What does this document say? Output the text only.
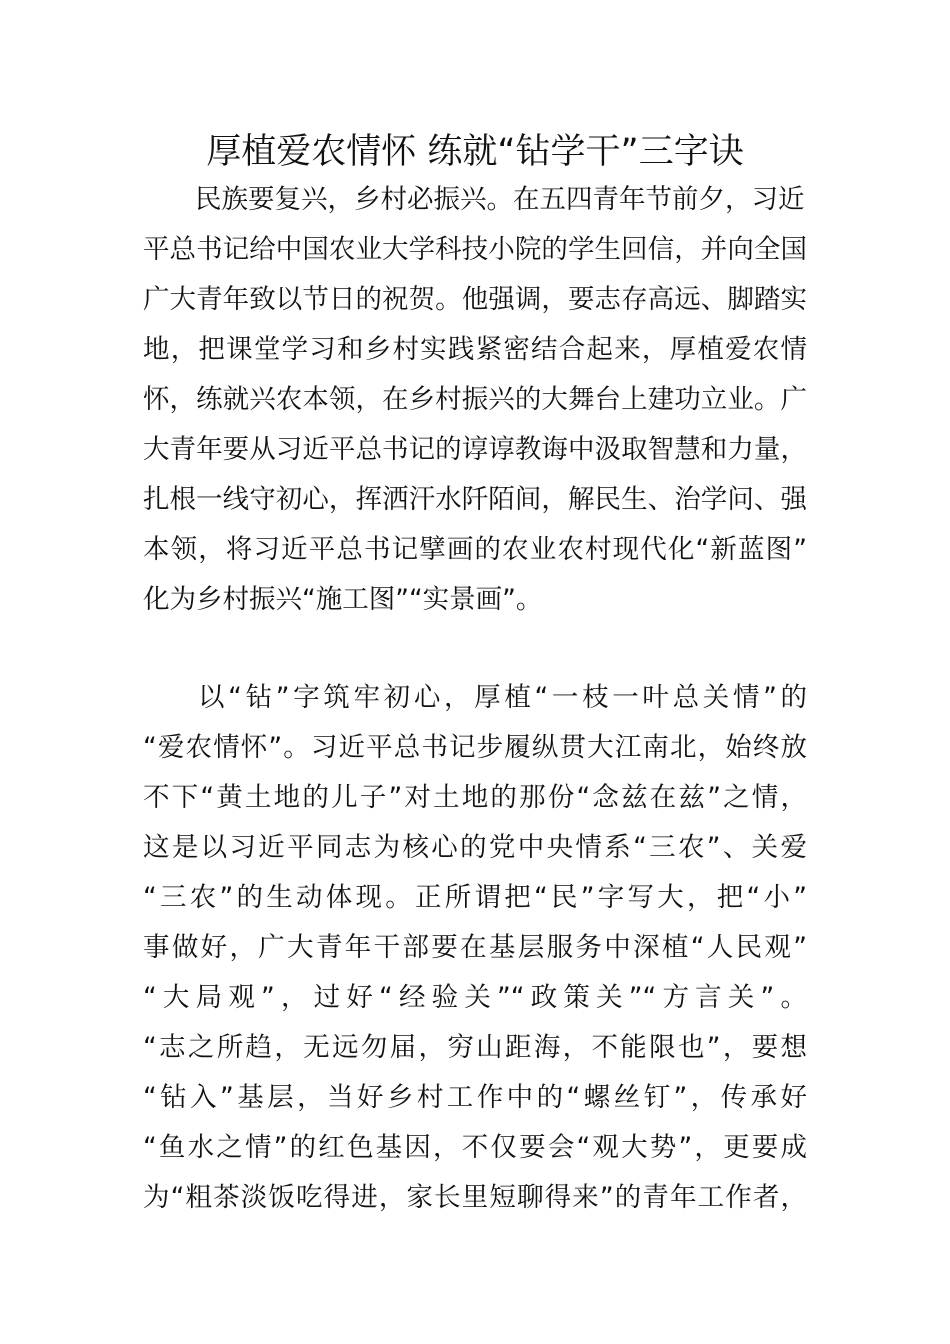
厚植爱农情怀 练就“钻学干”三字诀
民族要复兴，乡村必振兴。在五四青年节前夕，习近
平总书记给中国农业大学科技小院的学生回信，并向全国
广大青年致以节日的祝贺。他强调，要志存高远、脚踏实
地，把课堂学习和乡村实践紧密结合起来，厚植爱农情
怀，练就兴农本领，在乡村振兴的大舞台上建功立业。广
大青年要从习近平总书记的谆谆教诲中汲取智慧和力量，
扎根一线守初心，挥洒汗水阡陌间，解民生、治学问、强
本领，将习近平总书记擘画的农业农村现代化“新蓝图”
化为乡村振兴“施工图”“实景画”。
以“钻”字筑牢初心，厚植“一枝一叶总关情”的
“爱农情怀”。习近平总书记步履纵贯大江南北，始终放
不下“黄土地的儿子”对土地的那份“念兹在兹”之情，
这是以习近平同志为核心的党中央情系“三农”、关爱
“三农”的生动体现。正所谓把“民”字写大，把“小”
事做好，广大青年干部要在基层服务中深植“人民观”
“大局观”，过好“经验关”“政策关”“方言关”。
“志之所趋，无远勿届，穷山距海，不能限也”，要想
“钻入”基层，当好乡村工作中的“螺丝钉”，传承好
“鱼水之情”的红色基因，不仅要会“观大势”，更要成
为“粗茶淡饭吃得进，家长里短聊得来”的青年工作者，
